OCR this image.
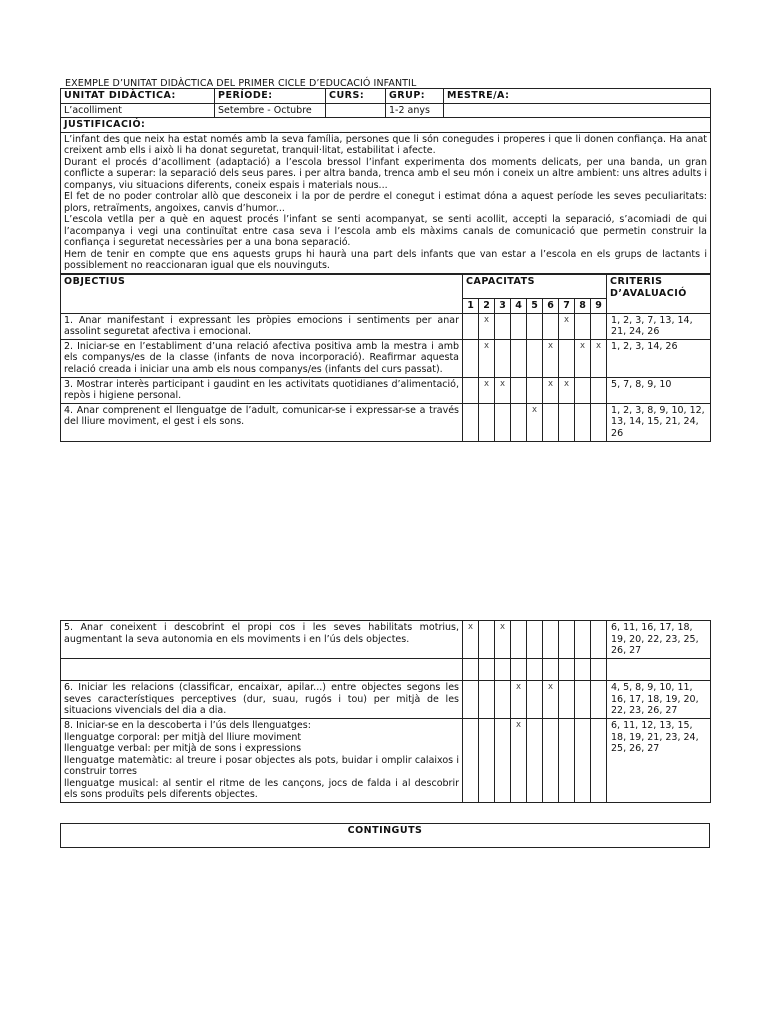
EXEMPLE D’UNITAT DIDÀCTICA DEL PRIMER CICLE D’EDUCACIÓ INFANTIL
UNITAT DIDÀCTICA:	PERÍODE:	CURS:	GRUP:	MESTRE/A:
L’acolliment	Setembre - Octubre		1-2 anys	
JUSTIFICACIÓ:				

L’infant des que neix ha estat només amb la seva família, persones que li són conegudes i properes i que li donen confiança. Ha anat creixent amb ells i això li ha donat seguretat, tranquil·litat, estabilitat i afecte.

Durant el procés d’acolliment (adaptació) a l’escola bressol l’infant experimenta dos moments delicats, per una banda, un gran conflicte a superar: la separació dels seus pares. i per altra banda, trenca amb el seu món i coneix un altre ambient: uns altres adults i companys, viu situacions diferents, coneix espais i materials nous...

El fet de no poder controlar allò que desconeix i la por de perdre el conegut i estimat dóna a aquest període les seves peculiaritats: plors, retraïments, angoixes, canvis d’humor...

L’escola vetlla per a què en aquest procés l’infant se senti acompanyat, se senti acollit, accepti la separació, s’acomiadi de qui l’acompanya i vegi una continuïtat entre casa seva i l’escola amb els màxims canals de comunicació que permetin construir la confiança i seguretat necessàries per a una bona separació.

Hem de tenir en compte que ens aquests grups hi haurà una part dels infants que van estar a l’escola en els grups de lactants i possiblement no reaccionaran igual que els nouvinguts.				

OBJECTIUS	CAPACITATS									CRITERIS D’AVALUACIÓ
	1	2	3	4	5	6	7	8	9	
1. Anar manifestant i expressant les pròpies emocions i sentiments per anar assolint seguretat afectiva i emocional.		x					x			1, 2, 3, 7, 13, 14, 21, 24, 26
2. Iniciar-se en l’establiment d’una relació afectiva positiva amb la mestra i amb els companys/es de la classe (infants de nova incorporació). Reafirmar aquesta relació creada i iniciar una amb els nous companys/es (infants del curs passat).		x				x		x	x	1, 2, 3, 14, 26
3. Mostrar interès participant i gaudint en les activitats quotidianes d’alimentació, repòs i higiene personal.		x	x			x	x			5, 7, 8, 9, 10
4. Anar comprenent el llenguatge de l’adult, comunicar-se i expressar-se a través del lliure moviment, el gest i els sons.					x					1, 2, 3, 8, 9, 10, 12, 13, 14, 15, 21, 24, 26
5. Anar coneixent i descobrint el propi cos i les seves habilitats motrius, augmentant la seva autonomia en els moviments i en l’ús dels objectes.	x		x							6, 11, 16, 17, 18, 19, 20, 22, 23, 25, 26, 27

6. Iniciar les relacions (classificar, encaixar, apilar...) entre objectes segons les seves característiques perceptives (dur, suau, rugós i tou) per mitjà de les situacions vivencials del dia a dia.				x		x				4, 5, 8, 9, 10, 11, 16, 17, 18, 19, 20, 22, 23, 26, 27

8. Iniciar-se en la descoberta i l’ús dels llenguatges:

llenguatge corporal: per mitjà del lliure moviment

llenguatge verbal: per mitjà de sons i expressions

llenguatge matemàtic: al treure i posar objectes als pots, buidar i omplir calaixos i construir torres

llenguatge musical: al sentir el ritme de les cançons, jocs de falda i al descobrir els sons produïts pels diferents objectes.				x						6, 11, 12, 13, 15, 18, 19, 21, 23, 24, 25, 26, 27
CONTINGUTS
